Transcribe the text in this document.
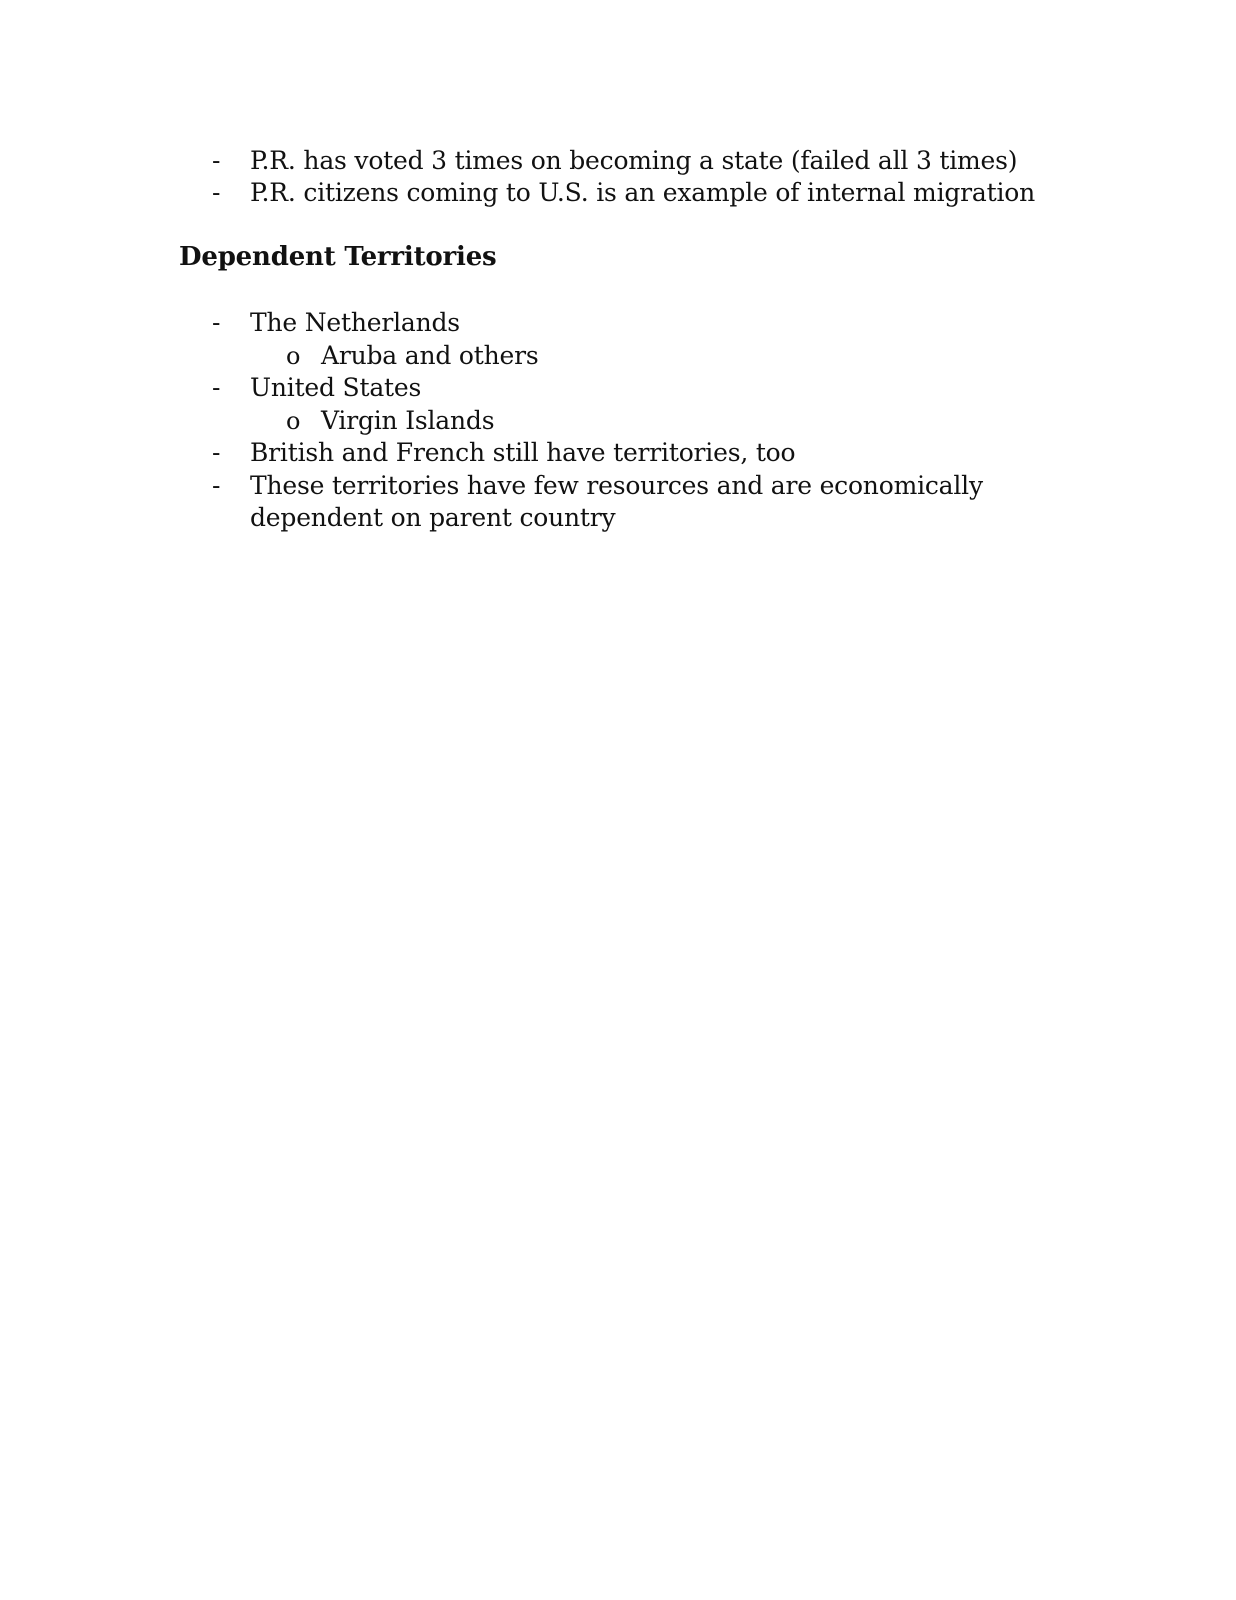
- P.R. has voted 3 times on becoming a state (failed all 3 times)
- P.R. citizens coming to U.S. is an example of internal migration
Dependent Territories
- The Netherlands
o Aruba and others
- United States
o Virgin Islands
- British and French still have territories, too
- These territories have few resources and are economically
dependent on parent country
